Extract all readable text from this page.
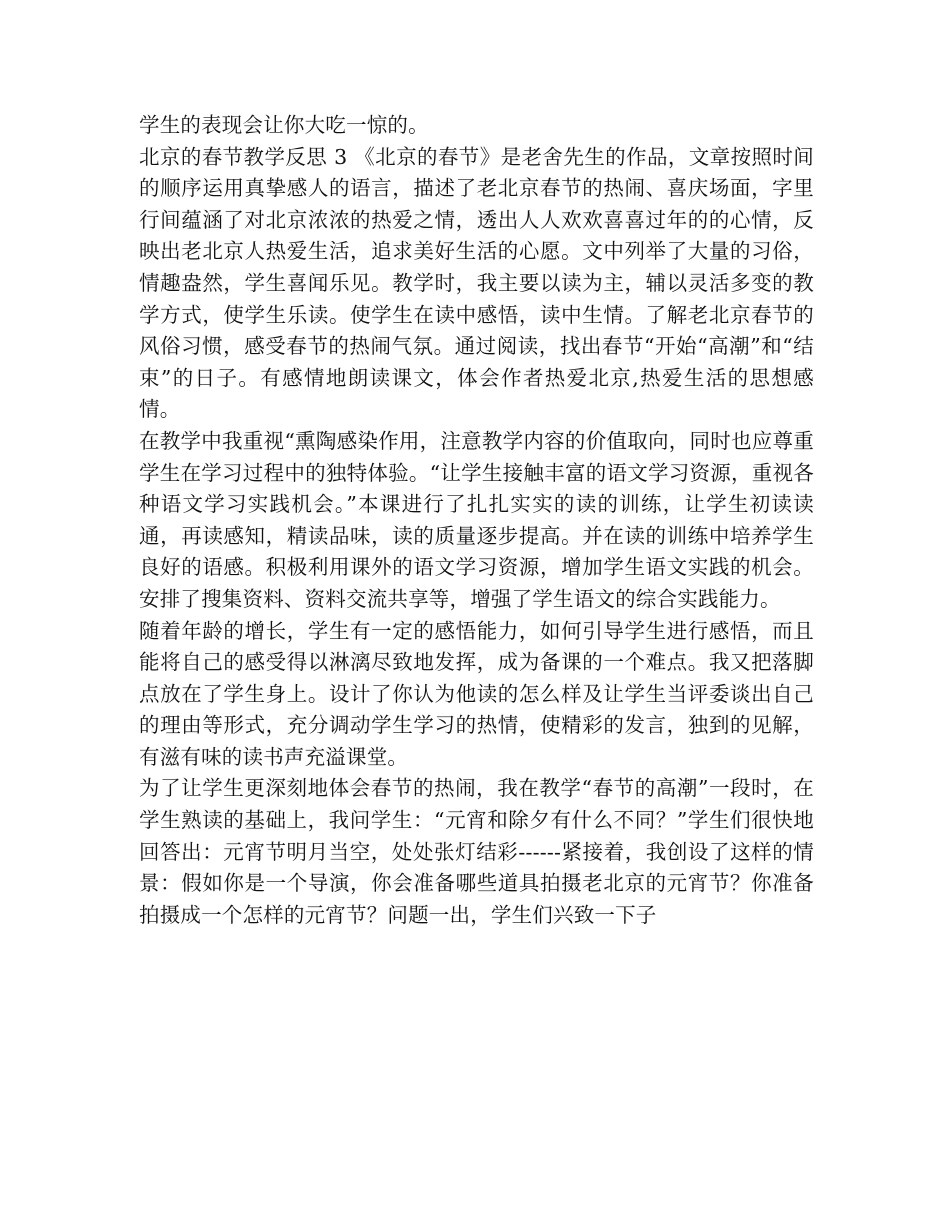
学生的表现会让你大吃一惊的。

北京的春节教学反思 3 《北京的春节》是老舍先生的作品，文章按照时间的顺序运用真挚感人的语言，描述了老北京春节的热闹、喜庆场面，字里行间蕴涵了对北京浓浓的热爱之情，透出人人欢欢喜喜过年的的心情，反映出老北京人热爱生活，追求美好生活的心愿。文中列举了大量的习俗，情趣盎然，学生喜闻乐见。教学时，我主要以读为主，辅以灵活多变的教学方式，使学生乐读。使学生在读中感悟，读中生情。了解老北京春节的风俗习惯，感受春节的热闹气氛。通过阅读，找出春节“开始“高潮”和“结束”的日子。有感情地朗读课文，体会作者热爱北京,热爱生活的思想感情。

在教学中我重视“熏陶感染作用，注意教学内容的价值取向，同时也应尊重学生在学习过程中的独特体验。“让学生接触丰富的语文学习资源，重视各种语文学习实践机会。”本课进行了扎扎实实的读的训练，让学生初读读通，再读感知，精读品味，读的质量逐步提高。并在读的训练中培养学生良好的语感。积极利用课外的语文学习资源，增加学生语文实践的机会。安排了搜集资料、资料交流共享等，增强了学生语文的综合实践能力。

随着年龄的增长，学生有一定的感悟能力，如何引导学生进行感悟，而且能将自己的感受得以淋漓尽致地发挥，成为备课的一个难点。我又把落脚点放在了学生身上。设计了你认为他读的怎么样及让学生当评委谈出自己的理由等形式，充分调动学生学习的热情，使精彩的发言，独到的见解，有滋有味的读书声充溢课堂。

为了让学生更深刻地体会春节的热闹，我在教学“春节的高潮”一段时，在学生熟读的基础上，我问学生：“元宵和除夕有什么不同？”学生们很快地回答出：元宵节明月当空，处处张灯结彩------紧接着，我创设了这样的情景：假如你是一个导演，你会准备哪些道具拍摄老北京的元宵节？你准备拍摄成一个怎样的元宵节？问题一出，学生们兴致一下子
